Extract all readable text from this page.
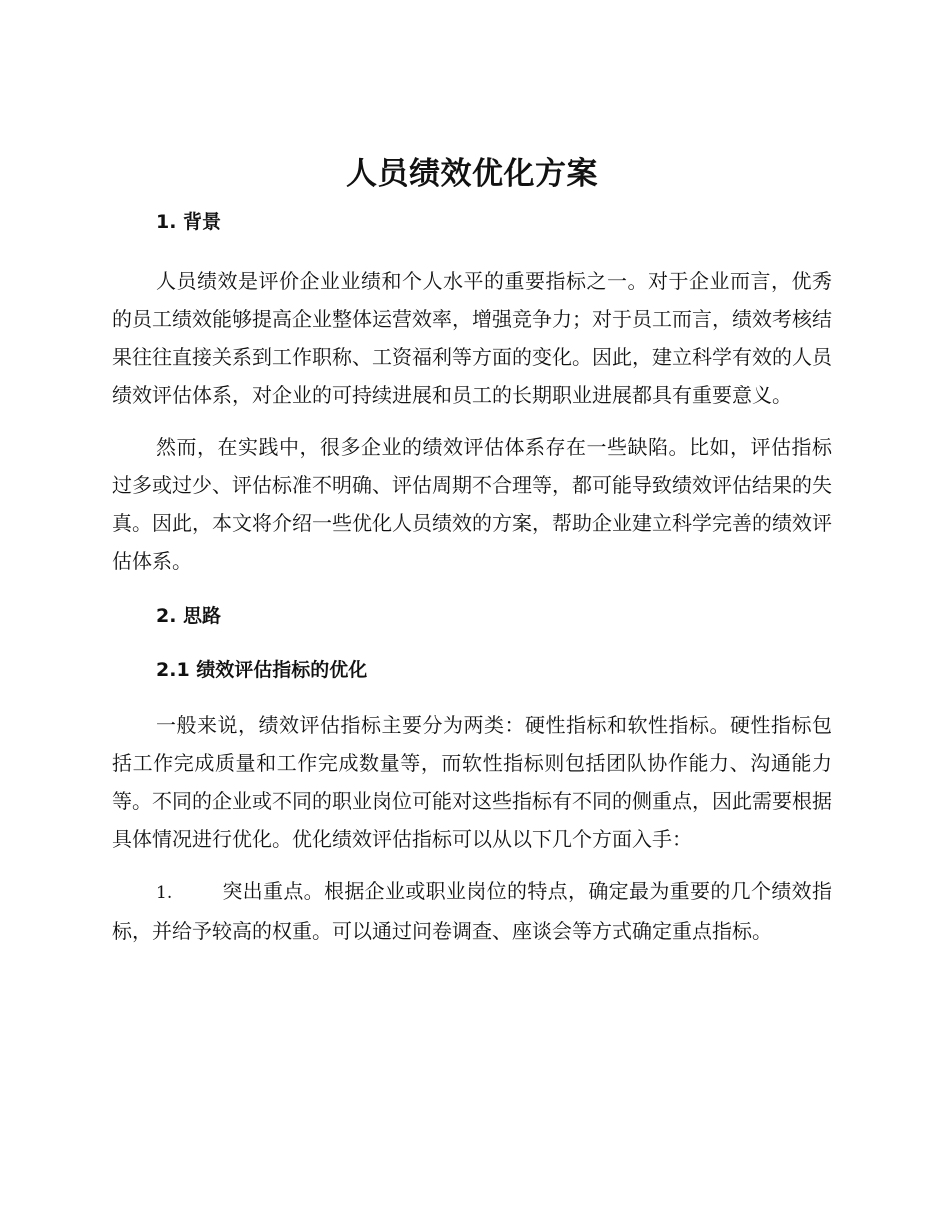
人员绩效优化方案
1. 背景

人员绩效是评价企业业绩和个人水平的重要指标之一。对于企业而言，优秀的员工绩效能够提高企业整体运营效率，增强竞争力；对于员工而言，绩效考核结果往往直接关系到工作职称、工资福利等方面的变化。因此，建立科学有效的人员绩效评估体系，对企业的可持续进展和员工的长期职业进展都具有重要意义。

然而，在实践中，很多企业的绩效评估体系存在一些缺陷。比如，评估指标过多或过少、评估标准不明确、评估周期不合理等，都可能导致绩效评估结果的失真。因此，本文将介绍一些优化人员绩效的方案，帮助企业建立科学完善的绩效评估体系。

2. 思路
2.1 绩效评估指标的优化

一般来说，绩效评估指标主要分为两类：硬性指标和软性指标。硬性指标包括工作完成质量和工作完成数量等，而软性指标则包括团队协作能力、沟通能力等。不同的企业或不同的职业岗位可能对这些指标有不同的侧重点，因此需要根据具体情况进行优化。优化绩效评估指标可以从以下几个方面入手：

1. 突出重点。根据企业或职业岗位的特点，确定最为重要的几个绩效指标，并给予较高的权重。可以通过问卷调查、座谈会等方式确定重点指标。
